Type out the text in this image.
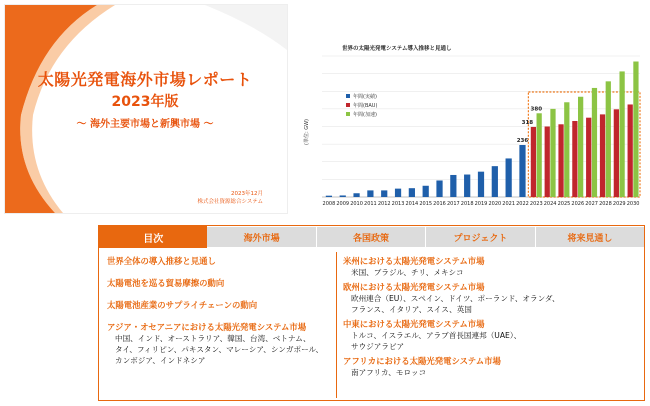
太陽光発電海外市場レポート
2023年版
〜 海外主要市場と新興市場 〜
2023年12月
株式会社資源総合システム
世界の太陽光発電システム導入推移と見通し
(単位: GW)
2008 2009 2010 2011 2012 2013 2014 2015 2016 2017 2018 2019 2020 2021 2022 2023 2024 2025 2026 2027 2028 2029 2030
236
318
380
年間(実績)
年間(BAU)
年間(加速)
目次	海外市場	各国政策	プロジェクト	将来見通し
世界全体の導入推移と見通し
太陽電池を巡る貿易摩擦の動向
太陽電池産業のサプライチェーンの動向
アジア・オセアニアにおける太陽光発電システム市場
中国、インド、オーストラリア、韓国、台湾、ベトナム、
タイ、フィリピン、パキスタン、マレーシア、シンガポール、
カンボジア、インドネシア
米州における太陽光発電システム市場
米国、ブラジル、チリ、メキシコ
欧州における太陽光発電システム市場
欧州連合（EU）、スペイン、ドイツ、ポーランド、オランダ、
フランス、イタリア、スイス、英国
中東における太陽光発電システム市場
トルコ、イスラエル、アラブ首長国連邦（UAE）、
サウジアラビア
アフリカにおける太陽光発電システム市場
南アフリカ、モロッコ
